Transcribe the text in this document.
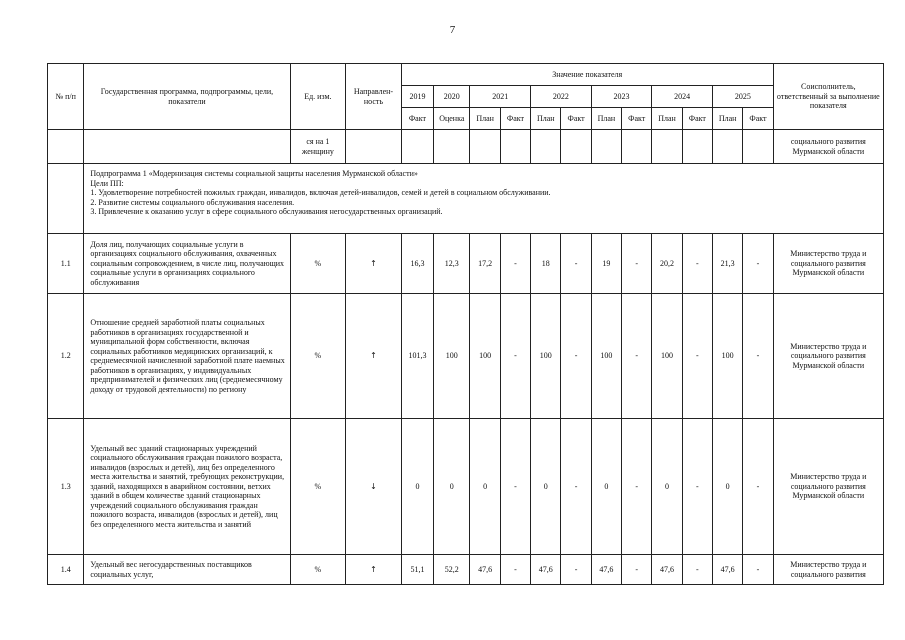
7
№ п/п	Государственная программа, подпрограммы, цели, показатели	Ед. изм.	Направлен-ность	Значение показателя												Соисполнитель, ответственный за выполнение показателя
				2019	2020	2021		2022		2023		2024		2025		
				Факт	Оценка	План	Факт	План	Факт	План	Факт	План	Факт	План	Факт	
		ся на 1 женщину														социального развития Мурманской области

	Подпрограмма 1 «Модернизация системы социальной защиты населения Мурманской области»

Цели ПП:

1. Удовлетворение потребностей пожилых граждан, инвалидов, включая детей-инвалидов, семей и детей в социальном обслуживании.

2. Развитие системы социального обслуживания населения.

3. Привлечение к оказанию услуг в сфере социального обслуживания негосударственных организаций.															

1.1	Доля лиц, получающих социальные услуги в организациях социального обслуживания, охваченных социальным сопровождением, в числе лиц, получающих социальные услуги в организациях социального обслуживания	%	↑	16,3	12,3	17,2	-	18	-	19	-	20,2	-	21,3	-	Министерство труда и социального развития Мурманской области
1.2	Отношение средней заработной платы социальных работников в организациях государственной и муниципальной форм собственности, включая социальных работников медицинских организаций, к среднемесячной начисленной заработной плате наемных работников в организациях, у индивидуальных предпринимателей и физических лиц (среднемесячному доходу от трудовой деятельности) по региону	%	↑	101,3	100	100	-	100	-	100	-	100	-	100	-	Министерство труда и социального развития Мурманской области
1.3	Удельный вес зданий стационарных учреждений социального обслуживания граждан пожилого возраста, инвалидов (взрослых и детей), лиц без определенного места жительства и занятий, требующих реконструкции, зданий, находящихся в аварийном состоянии, ветхих зданий в общем количестве зданий стационарных учреждений социального обслуживания граждан пожилого возраста, инвалидов (взрослых и детей), лиц без определенного места жительства и занятий	%	↓	0	0	0	-	0	-	0	-	0	-	0	-	Министерство труда и социального развития Мурманской области
1.4	Удельный вес негосударственных поставщиков социальных услуг,	%	↑	51,1	52,2	47,6	-	47,6	-	47,6	-	47,6	-	47,6	-	Министерство труда и социального развития
